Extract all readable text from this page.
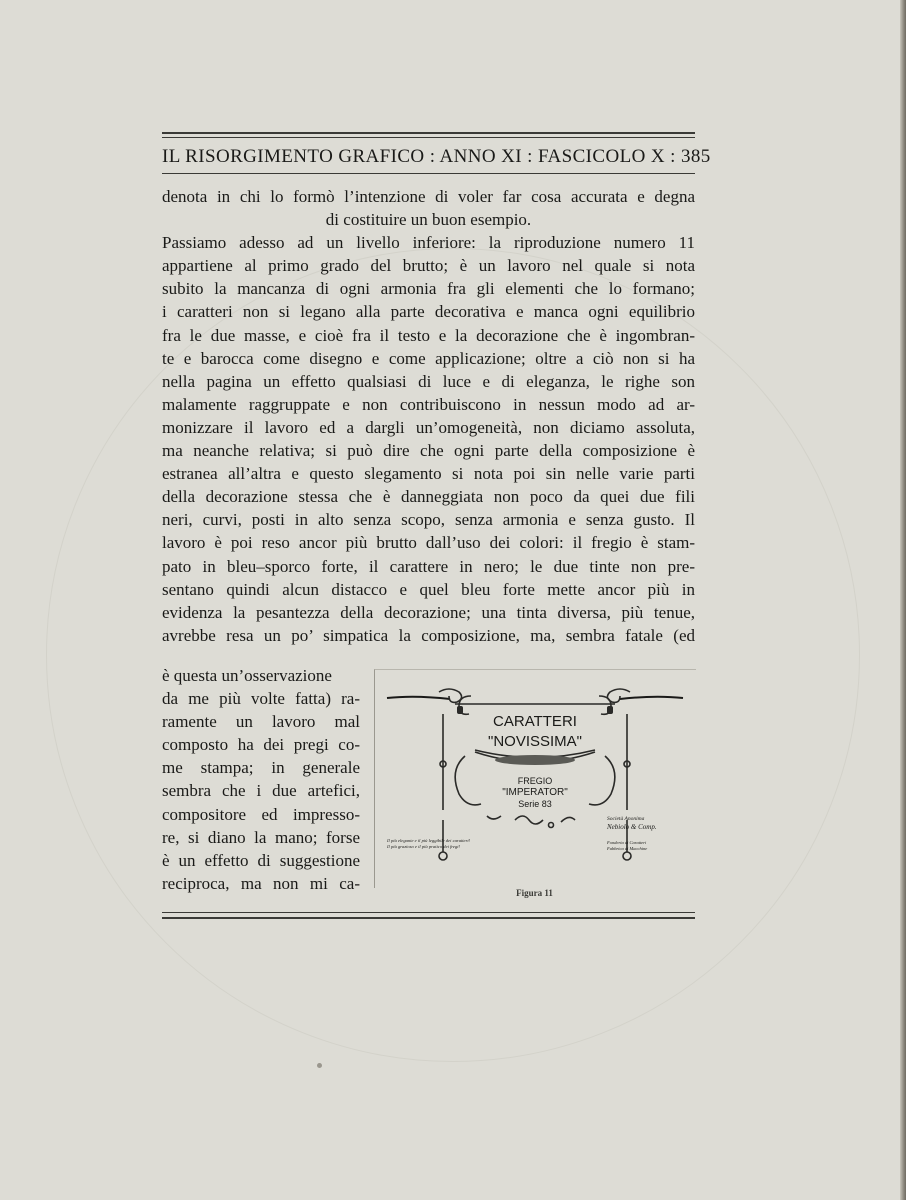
IL RISORGIMENTO GRAFICO : ANNO XI : FASCICOLO X : 385
denota in chi lo formò l’intenzione di voler far cosa accurata e degna
di costituire un buon esempio.
Passiamo adesso ad un livello inferiore: la riproduzione numero 11
appartiene al primo grado del brutto; è un lavoro nel quale si nota
subito la mancanza di ogni armonia fra gli elementi che lo formano;
i caratteri non si legano alla parte decorativa e manca ogni equilibrio
fra le due masse, e cioè fra il testo e la decorazione che è ingombran-
te e barocca come disegno e come applicazione; oltre a ciò non si ha
nella pagina un effetto qualsiasi di luce e di eleganza, le righe son
malamente raggruppate e non contribuiscono in nessun modo ad ar-
monizzare il lavoro ed a dargli un’omogeneità, non diciamo assoluta,
ma neanche relativa; si può dire che ogni parte della composizione è
estranea all’altra e questo slegamento si nota poi sin nelle varie parti
della decorazione stessa che è danneggiata non poco da quei due fili
neri, curvi, posti in alto senza scopo, senza armonia e senza gusto. Il
lavoro è poi reso ancor più brutto dall’uso dei colori: il fregio è stam-
pato in bleu–sporco forte, il carattere in nero; le due tinte non pre-
sentano quindi alcun distacco e quel bleu forte mette ancor più in
evidenza la pesantezza della decorazione; una tinta diversa, più tenue,
avrebbe resa un po’ simpatica la composizione, ma, sembra fatale (ed
è questa un’osservazione
da me più volte fatta) ra-
ramente un lavoro mal
composto ha dei pregi co-
me stampa; in generale
sembra che i due artefici,
compositore ed impresso-
re, si diano la mano; forse
è un effetto di suggestione
reciproca, ma non mi ca-
CARATTERI
"NOVISSIMA"
FREGIO
"IMPERATOR"
Serie 83
Il più elegante e il più leggibile dei caratteri!
Il più grazioso e il più pratico dei fregi!
Società Anonima
Nebiolo & Comp.
Fonderia di Caratteri
Fabbrica di Macchine
Figura 11
